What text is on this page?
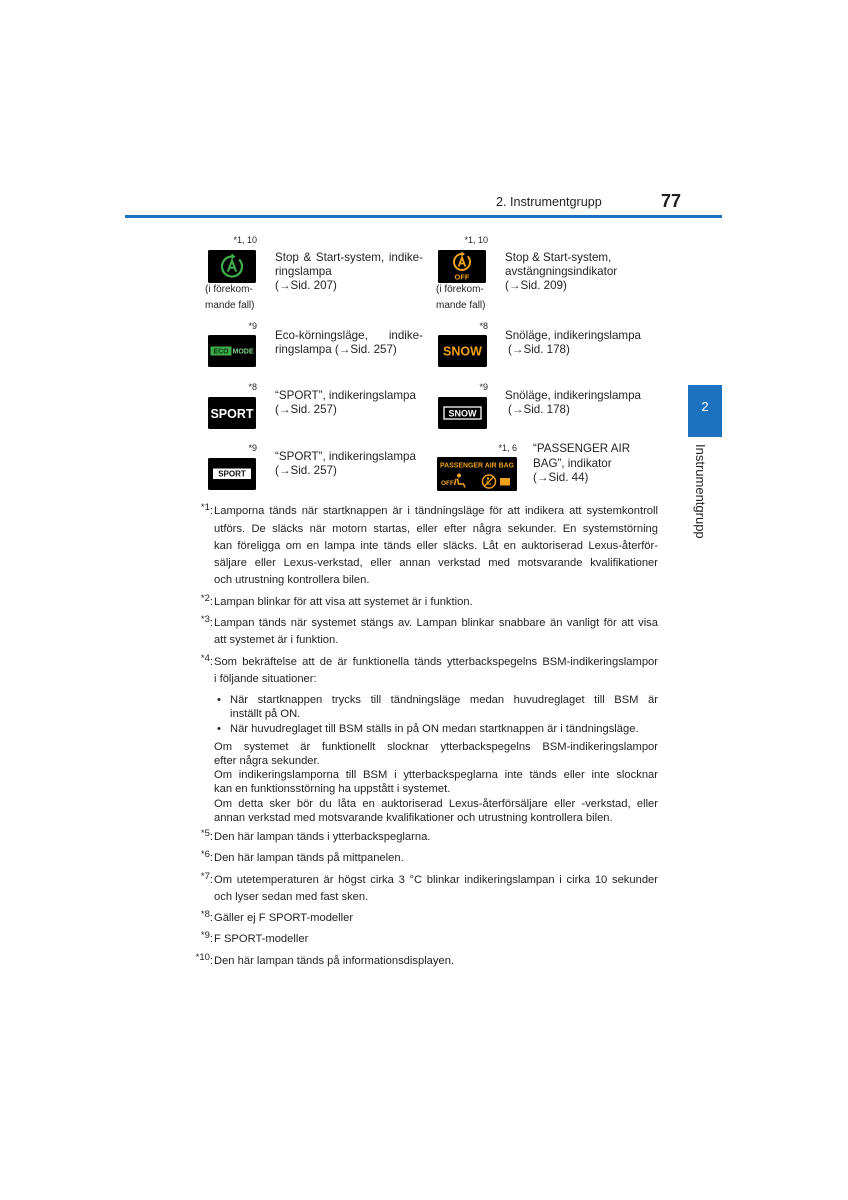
2. Instrumentgrupp	77
2
Instrumentgrupp
*1, 10
(i förekom-
mande fall)
Stop & Start-system, indike-
ringslampa
(→Sid. 207)
*1, 10
OFF
(i förekom-
mande fall)
Stop & Start-system,
avstängningsindikator
(→Sid. 209)
*9
ECO MODE
Eco-körningsläge, indike-
ringslampa (→Sid. 257)
*8
SNOW
Snöläge, indikeringslampa
(→Sid. 178)
*8
SPORT
“SPORT”, indikeringslampa
(→Sid. 257)
*9
SNOW
Snöläge, indikeringslampa
(→Sid. 178)
*9
SPORT
“SPORT”, indikeringslampa
(→Sid. 257)
*1, 6
PASSENGER AIR BAG
OFF
“PASSENGER AIR
BAG”, indikator
(→Sid. 44)
$^{*1}$: Lamporna tänds när startknappen är i tändningsläge för att indikera att systemkontroll
utförs. De släcks när motorn startas, eller efter några sekunder. En systemstörning
kan föreligga om en lampa inte tänds eller släcks. Låt en auktoriserad Lexus-återför-
säljare eller Lexus-verkstad, eller annan verkstad med motsvarande kvalifikationer
och utrustning kontrollera bilen.
$^{*2}$: Lampan blinkar för att visa att systemet är i funktion.
$^{*3}$: Lampan tänds när systemet stängs av. Lampan blinkar snabbare än vanligt för att visa
att systemet är i funktion.
$^{*4}$: Som bekräftelse att de är funktionella tänds ytterbackspegelns BSM-indikeringslampor
i följande situationer:
• När startknappen trycks till tändningsläge medan huvudreglaget till BSM är
inställt på ON.
• När huvudreglaget till BSM ställs in på ON medan startknappen är i tändningsläge.
Om systemet är funktionellt slocknar ytterbackspegelns BSM-indikeringslampor
efter några sekunder.
Om indikeringslamporna till BSM i ytterbackspeglarna inte tänds eller inte slocknar
kan en funktionsstörning ha uppstått i systemet.
Om detta sker bör du låta en auktoriserad Lexus-återförsäljare eller -verkstad, eller
annan verkstad med motsvarande kvalifikationer och utrustning kontrollera bilen.
$^{*5}$: Den här lampan tänds i ytterbackspeglarna.
$^{*6}$: Den här lampan tänds på mittpanelen.
$^{*7}$: Om utetemperaturen är högst cirka 3 °C blinkar indikeringslampan i cirka 10 sekunder
och lyser sedan med fast sken.
$^{*8}$: Gäller ej F SPORT-modeller
$^{*9}$: F SPORT-modeller
$^{*10}$: Den här lampan tänds på informationsdisplayen.
